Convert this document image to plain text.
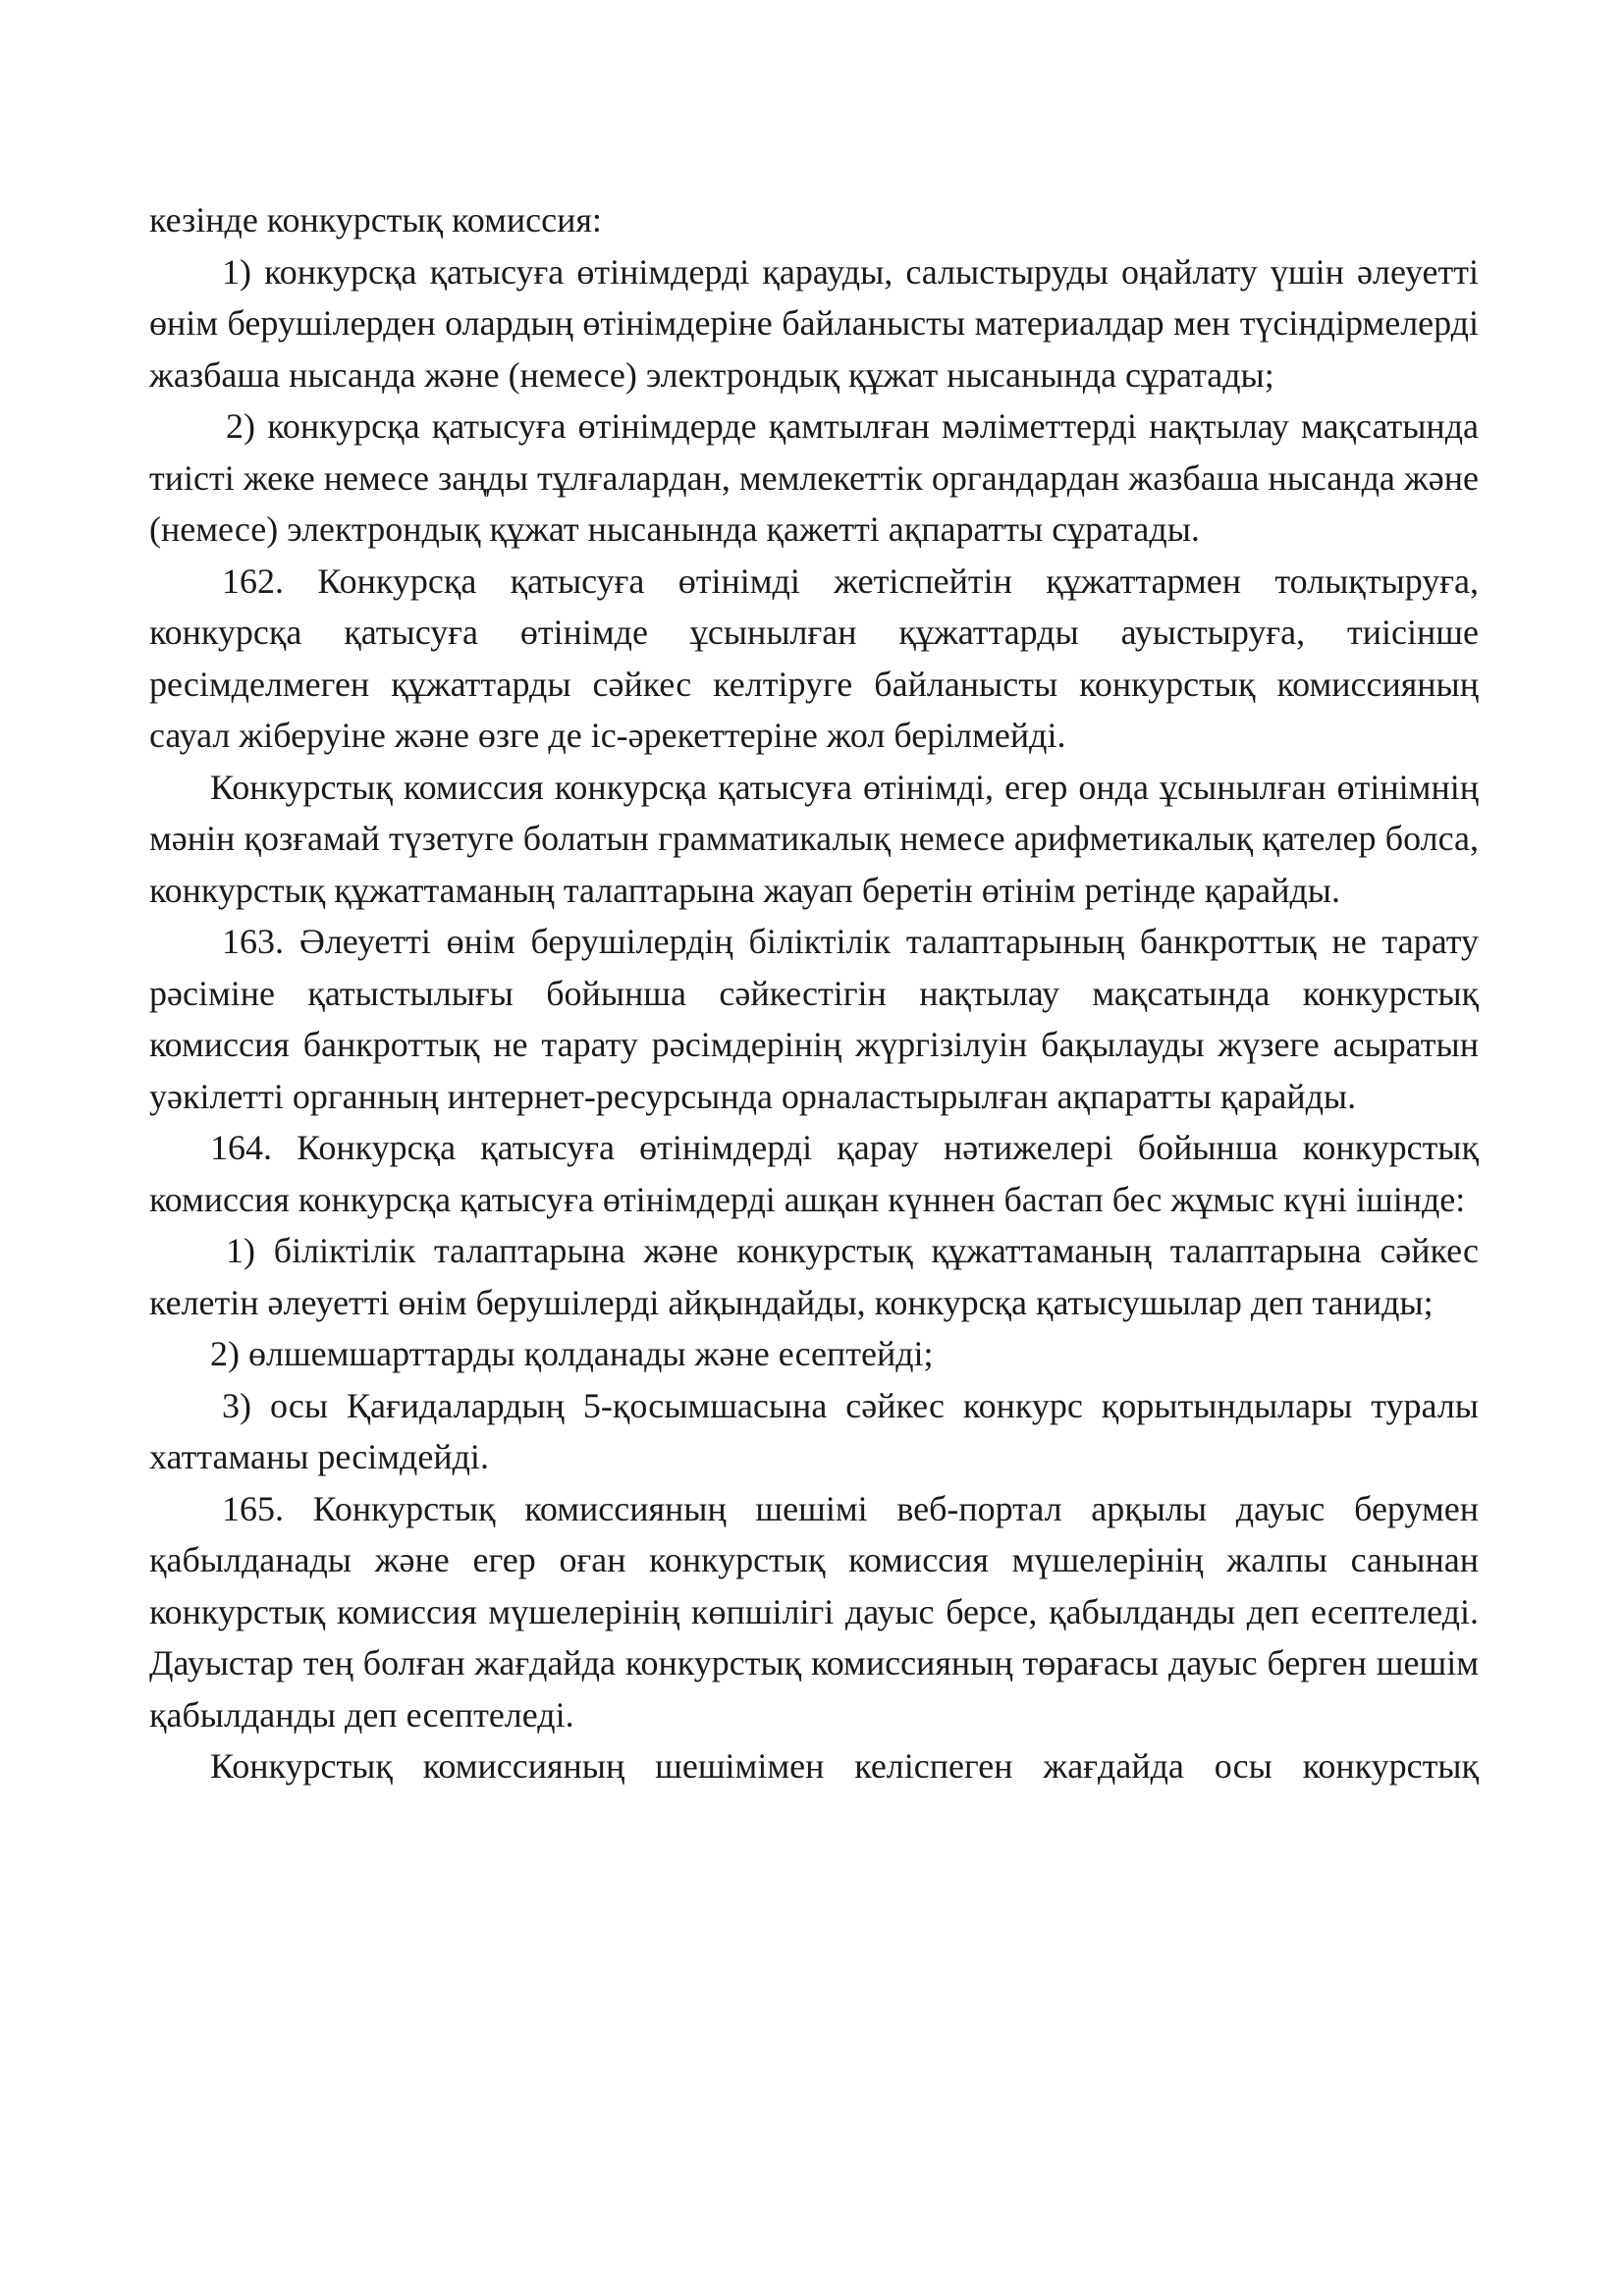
кезінде конкурстық комиссия:

1) конкурсқа қатысуға өтінімдерді қарауды, салыстыруды оңайлату үшін әлеуетті өнім берушілерден олардың өтінімдеріне байланысты материалдар мен түсіндірмелерді жазбаша нысанда және (немесе) электрондық құжат нысанында сұратады;

2) конкурсқа қатысуға өтінімдерде қамтылған мәліметтерді нақтылау мақсатында тиісті жеке немесе заңды тұлғалардан, мемлекеттік органдардан жазбаша нысанда және (немесе) электрондық құжат нысанында қажетті ақпаратты сұратады.

162. Конкурсқа қатысуға өтінімді жетіспейтін құжаттармен толықтыруға, конкурсқа қатысуға өтінімде ұсынылған құжаттарды ауыстыруға, тиісінше ресімделмеген құжаттарды сәйкес келтіруге байланысты конкурстық комиссияның сауал жіберуіне және өзге де іс-әрекеттеріне жол берілмейді.

Конкурстық комиссия конкурсқа қатысуға өтінімді, егер онда ұсынылған өтінімнің мәнін қозғамай түзетуге болатын грамматикалық немесе арифметикалық қателер болса, конкурстық құжаттаманың талаптарына жауап беретін өтінім ретінде қарайды.

163. Әлеуетті өнім берушілердің біліктілік талаптарының банкроттық не тарату рәсіміне қатыстылығы бойынша сәйкестігін нақтылау мақсатында конкурстық комиссия банкроттық не тарату рәсімдерінің жүргізілуін бақылауды жүзеге асыратын уәкілетті органның интернет-ресурсында орналастырылған ақпаратты қарайды.

164. Конкурсқа қатысуға өтінімдерді қарау нәтижелері бойынша конкурстық комиссия конкурсқа қатысуға өтінімдерді ашқан күннен бастап бес жұмыс күні ішінде:

1) біліктілік талаптарына және конкурстық құжаттаманың талаптарына сәйкес келетін әлеуетті өнім берушілерді айқындайды, конкурсқа қатысушылар деп таниды;

2) өлшемшарттарды қолданады және есептейді;

3) осы Қағидалардың 5-қосымшасына сәйкес конкурс қорытындылары туралы хаттаманы ресімдейді.

165. Конкурстық комиссияның шешімі веб-портал арқылы дауыс берумен қабылданады және егер оған конкурстық комиссия мүшелерінің жалпы санынан конкурстық комиссия мүшелерінің көпшілігі дауыс берсе, қабылданды деп есептеледі. Дауыстар тең болған жағдайда конкурстық комиссияның төрағасы дауыс берген шешім қабылданды деп есептеледі.

Конкурстық комиссияның шешімімен келіспеген жағдайда осы конкурстық
